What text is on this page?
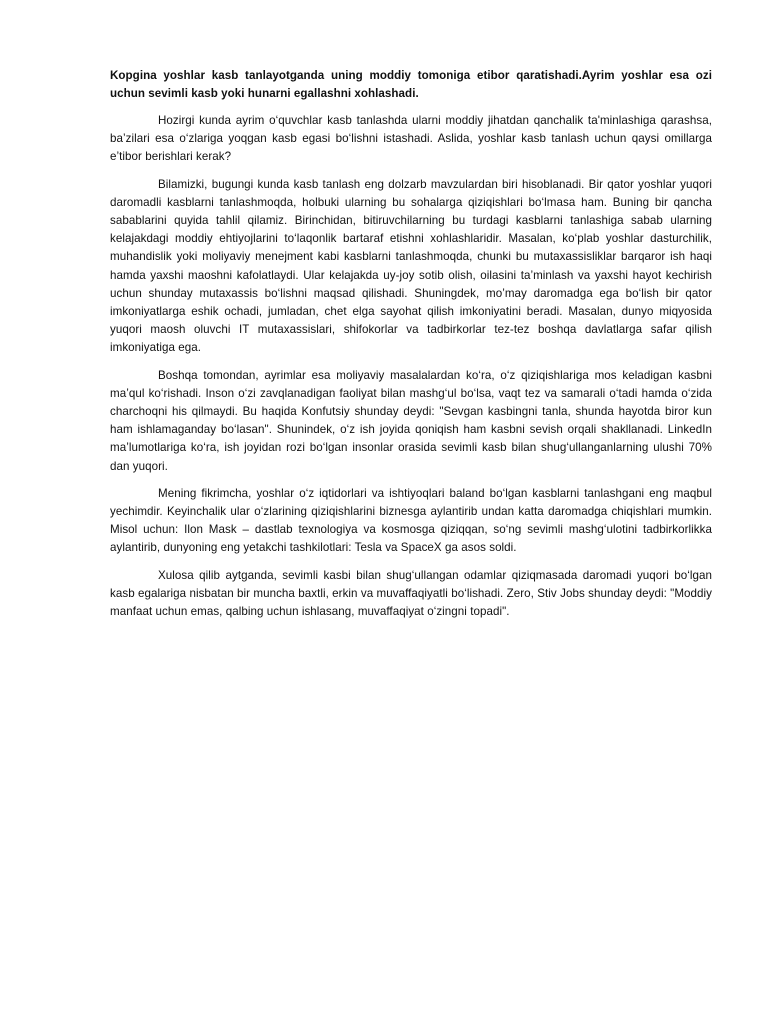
Kopgina yoshlar kasb tanlayotganda uning moddiy tomoniga etibor qaratishadi.Ayrim yoshlar esa ozi uchun sevimli kasb yoki hunarni egallashni xohlashadi.

Hozirgi kunda ayrim o‘quvchlar kasb tanlashda ularni moddiy jihatdan qanchalik ta'minlashiga qarashsa, ba’zilari esa o‘zlariga yoqgan kasb egasi bo‘lishni istashadi. Aslida, yoshlar kasb tanlash uchun qaysi omillarga e’tibor berishlari kerak?

Bilamizki, bugungi kunda kasb tanlash eng dolzarb mavzulardan biri hisoblanadi. Bir qator yoshlar yuqori daromadli kasblarni tanlashmoqda, holbuki ularning bu sohalarga qiziqishlari bo‘lmasa ham. Buning bir qancha sabablarini quyida tahlil qilamiz. Birinchidan, bitiruvchilarning bu turdagi kasblarni tanlashiga sabab ularning kelajakdagi moddiy ehtiyojlarini to‘laqonlik bartaraf etishni xohlashlaridir. Masalan, ko‘plab yoshlar dasturchilik, muhandislik yoki moliyaviy menejment kabi kasblarni tanlashmoqda, chunki bu mutaxassisliklar barqaror ish haqi hamda yaxshi maoshni kafolatlaydi. Ular kelajakda uy-joy sotib olish, oilasini ta’minlash va yaxshi hayot kechirish uchun shunday mutaxassis bo‘lishni maqsad qilishadi. Shuningdek, mo’may daromadga ega bo‘lish bir qator imkoniyatlarga eshik ochadi, jumladan, chet elga sayohat qilish imkoniyatini beradi. Masalan, dunyo miqyosida yuqori maosh oluvchi IT mutaxassislari, shifokorlar va tadbirkorlar tez-tez boshqa davlatlarga safar qilish imkoniyatiga ega.

Boshqa tomondan, ayrimlar esa moliyaviy masalalardan ko‘ra, o‘z qiziqishlariga mos keladigan kasbni ma’qul ko‘rishadi. Inson o‘zi zavqlanadigan faoliyat bilan mashg‘ul bo‘lsa, vaqt tez va samarali o‘tadi hamda o‘zida charchoqni his qilmaydi. Bu haqida Konfutsiy shunday deydi: "Sevgan kasbingni tanla, shunda hayotda biror kun ham ishlamaganday bo‘lasan". Shunindek, o‘z ish joyida qoniqish ham kasbni sevish orqali shakllanadi. LinkedIn ma’lumotlariga ko‘ra, ish joyidan rozi bo‘lgan insonlar orasida sevimli kasb bilan shug‘ullanganlarning ulushi 70% dan yuqori.

Mening fikrimcha, yoshlar o‘z iqtidorlari va ishtiyoqlari baland bo‘lgan kasblarni tanlashgani eng maqbul yechimdir. Keyinchalik ular o‘zlarining qiziqishlarini biznesga aylantirib undan katta daromadga chiqishlari mumkin. Misol uchun: Ilon Mask – dastlab texnologiya va kosmosga qiziqqan, so‘ng sevimli mashg‘ulotini tadbirkorlikka aylantirib, dunyoning eng yetakchi tashkilotlari: Tesla va SpaceX ga asos soldi.

Xulosa qilib aytganda, sevimli kasbi bilan shug‘ullangan odamlar qiziqmasada daromadi yuqori bo‘lgan kasb egalariga nisbatan bir muncha baxtli, erkin va muvaffaqiyatli bo‘lishadi. Zero, Stiv Jobs shunday deydi: "Moddiy manfaat uchun emas, qalbing uchun ishlasang, muvaffaqiyat o‘zingni topadi".
